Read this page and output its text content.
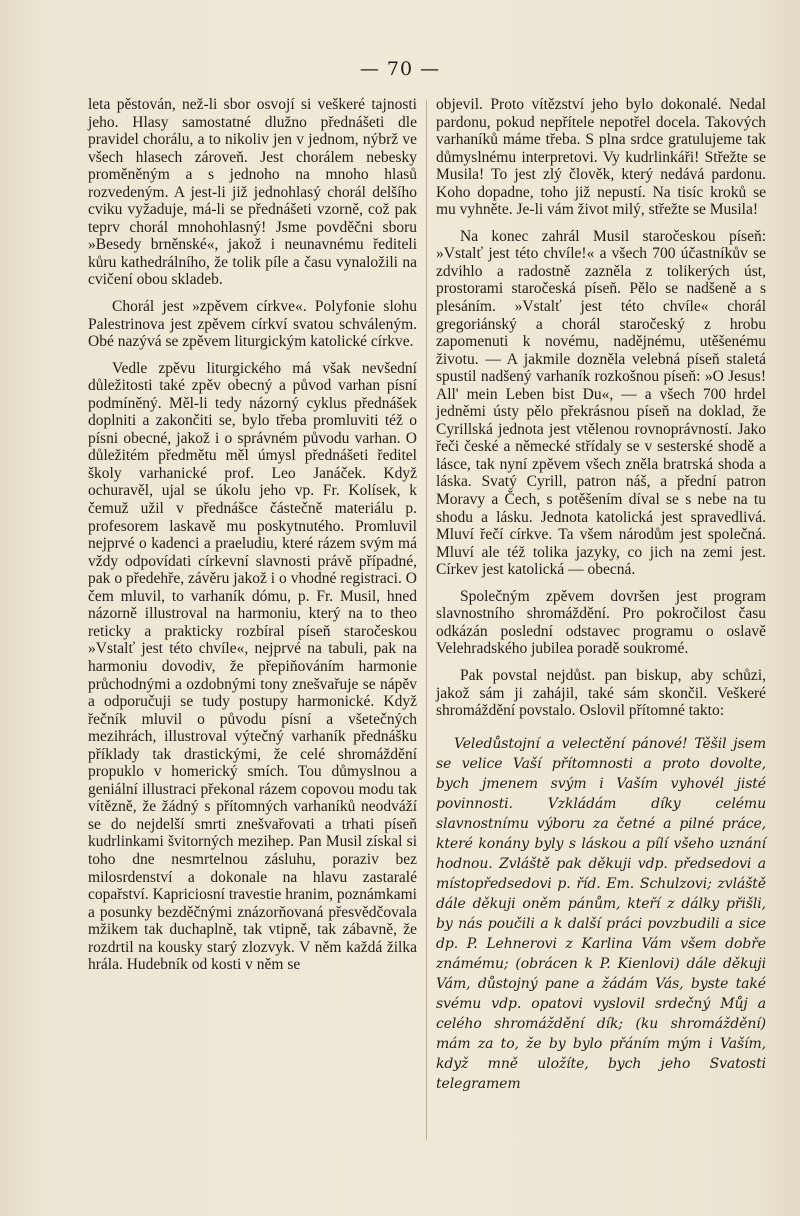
— 70 —

leta pěstován, než-li sbor osvojí si veškeré tajnosti jeho. Hlasy samostatné dlužno přednášeti dle pravidel chorálu, a to nikoliv jen v jednom, nýbrž ve všech hlasech zároveň. Jest chorálem nebesky proměněným a s jednoho na mnoho hlasů rozvedeným. A jest-li již jednohlasý chorál delšího cviku vyžaduje, má-li se přednášeti vzorně, což pak teprv chorál mnohohlasný! Jsme povděčni sboru »Besedy brněnské«, jakož i neunavnému řediteli kůru kathedrálního, že tolik píle a času vynaložili na cvičení obou skladeb.

Chorál jest »zpěvem církve«. Polyfonie slohu Palestrinova jest zpěvem církví svatou schváleným. Obé nazývá se zpěvem liturgickým katolické církve.

Vedle zpěvu liturgického má však nevšední důležitosti také zpěv obecný a původ varhan písní podmíněný. Měl-li tedy názorný cyklus přednášek doplniti a zakončiti se, bylo třeba promluviti též o písni obecné, jakož i o správném původu varhan. O důležitém předmětu měl úmysl přednášeti ředitel školy varhanické prof. Leo Janáček. Když ochuravěl, ujal se úkolu jeho vp. Fr. Kolísek, k čemuž užil v přednášce částečně materiálu p. profesorem laskavě mu poskytnutého. Promluvil nejprvé o kadenci a praeludiu, které rázem svým má vždy odpovídati církevní slavnosti právě případné, pak o předehře, závěru jakož i o vhodné registraci. O čem mluvil, to varhaník dómu, p. Fr. Musil, hned názorně illustroval na harmoniu, který na to theo reticky a prakticky rozbíral píseň staročeskou »Vstalť jest této chvíle«, nejprvé na tabuli, pak na harmoniu dovodiv, že přepiňováním harmonie průchodnými a ozdobnými tony znešvařuje se nápěv a odporučuji se tudy postupy harmonické. Když řečník mluvil o původu písní a všetečných mezihrách, illustroval výtečný varhaník přednášku příklady tak drastickými, že celé shromáždění propuklo v homerický smích. Tou důmyslnou a geniální illustraci překonal rázem copovou modu tak vítězně, že žádný s přítomných varhaníků neodváží se do nejdelší smrti znešvařovati a trhati píseň kudrlinkami švitorných mezihер. Pan Musil získal si toho dne nesmrtelnou zásluhu, poraziv bez milosrdenství a dokonale na hlavu zastaralé copařství. Kapriciosní travestie hranim, poznámkami a posunky bezděčnými znázorňovaná přesvědčovala mžikem tak duchaplně, tak vtipně, tak zábavně, že rozdrtil na kousky starý zlozvyk. V něm každá žilka hrála. Hudebník od kosti v něm se

objevil. Proto vítězství jeho bylo dokonalé. Nedal pardonu, pokud nepřítele nepotřel docela. Takových varhaníků máme třeba. S plna srdce gratulujeme tak důmyslnému interpretovi. Vy kudrlinkáři! Střežte se Musila! To jest zlý člověk, který nedává pardonu. Koho dopadne, toho již nepustí. Na tisíc kroků se mu vyhněte. Je-li vám život milý, střežte se Musila!

Na konec zahrál Musil staročeskou píseň: »Vstalť jest této chvíle!« a všech 700 účastníkův se zdvihlo a radostně zazněla z tolikerých úst, prostorami staročeská píseň. Pělo se nadšeně a s plesáním. »Vstalť jest této chvíle« chorál gregoriánský a chorál staročeský z hrobu zapomenuti k novému, nadějnému, utěšenému životu. — A jakmile dozněla velebná píseň staletá spustil nadšený varhaník rozkošnou píseň: »O Jesus! All' mein Leben bist Du«, — a všech 700 hrdel jedněmi ústy pělo překrásnou píseň na doklad, že Cyrillská jednota jest vtělenou rovnoprávností. Jako řeči české a německé střídaly se v sesterské shodě a lásce, tak nyní zpěvem všech zněla bratrská shoda a láska. Svatý Cyrill, patron náš, a přední patron Moravy a Čech, s potěšením díval se s nebe na tu shodu a lásku. Jednota katolická jest spravedlivá. Mluví řečí církve. Ta všem národům jest společná. Mluví ale též tolika jazyky, co jich na zemi jest. Církev jest katolická — obecná.

Společným zpěvem dovršen jest program slavnostního shromáždění. Pro pokročilost času odkázán poslední odstavec programu o oslavě Velehradského jubilea poradě soukromé.

Pak povstal nejdůst. pan biskup, aby schůzi, jakož sám ji zahájil, také sám skončil. Veškeré shromáždění povstalo. Oslovil přítomné takto:

Veledůstojní a velectění pánové! Těšil jsem se velice Vaší přítomnosti a proto dovolte, bych jmenem svým i Vaším vyhovél jisté povinnosti. Vzkládám díky celému slavnostnímu výboru za četné a pilné práce, které konány byly s láskou a pílí všeho uznání hodnou. Zvláště pak děkuji vdp. předsedovi a místopředsedovi p. říd. Em. Schulzovi; zvláště dále děkuji oněm pánům, kteří z dálky přišli, by nás poučili a k další práci povzbudili a sice dp. P. Lehnerovi z Karlina Vám všem dobře známému; (obrácen k P. Kienlovi) dále děkuji Vám, důstojný pane a žádám Vás, byste také svému vdp. opatovi vyslovil srdečný Můj a celého shromáždění dík; (ku shromáždění) mám za to, že by bylo přáním mým i Vaším, když mně uložíte, bych jeho Svatosti telegramem
